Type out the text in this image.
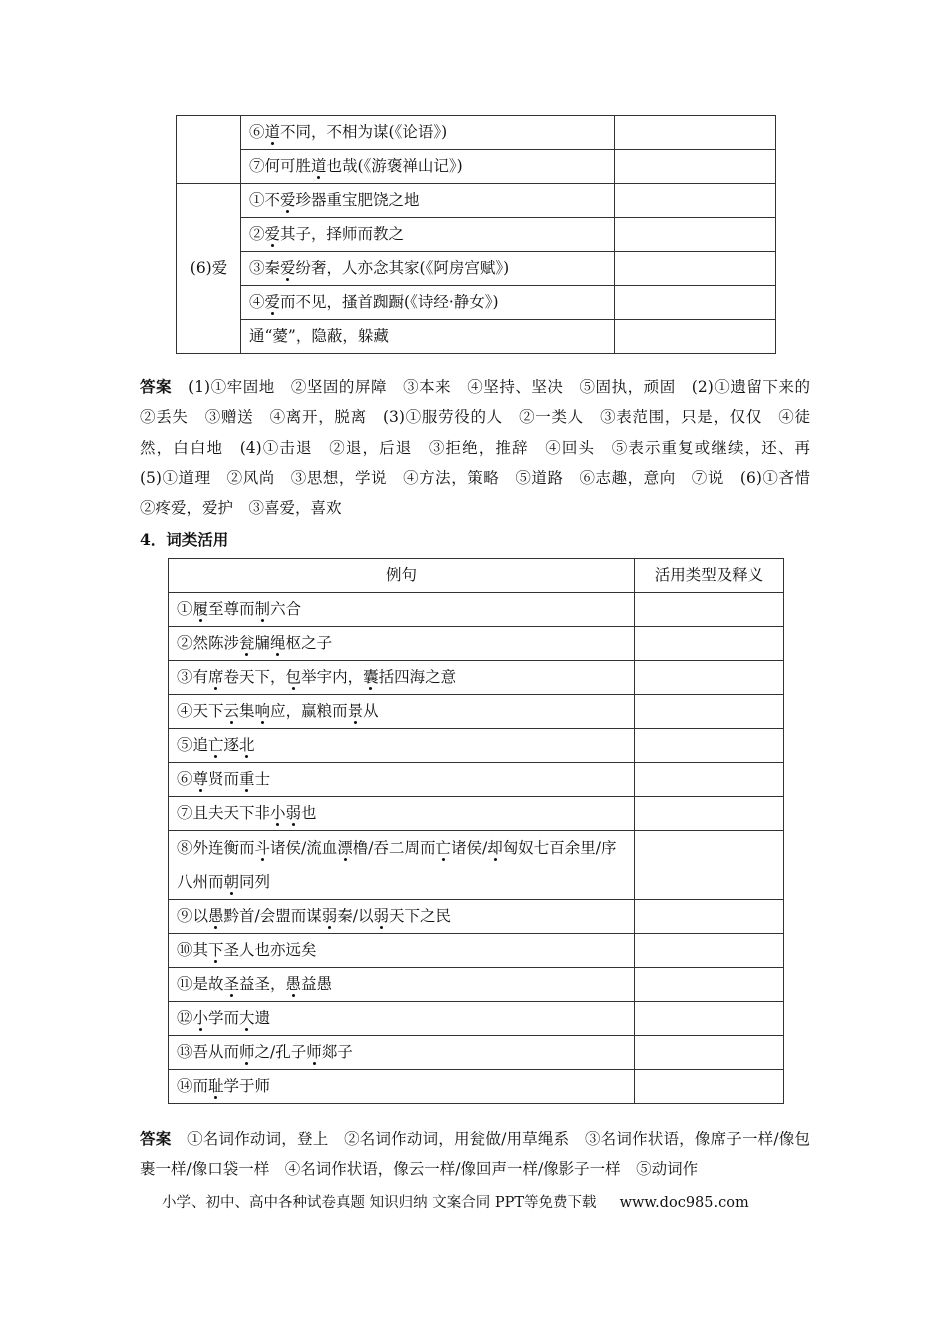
	⑥道不同，不相为谋(《论语》)	
	⑦何可胜道也哉(《游褒禅山记》)	
(6)爱	①不爱珍器重宝肥饶之地	
	②爱其子，择师而教之	
	③秦爱纷奢，人亦念其家(《阿房宫赋》)	
	④爱而不见，搔首踟蹰(《诗经·静女》)	
	通“薆”，隐蔽，躲藏	
答案　 (1)①牢固地　②坚固的屏障　③本来　④坚持、坚决　⑤固执，顽固　(2)①遗留下来的　②丢失　③赠送　④离开，脱离　(3)①服劳役的人　②一类人　③表范围，只是，仅仅　④徒然，白白地　(4)①击退　②退，后退　③拒绝，推辞　④回头　⑤表示重复或继续，还、再　(5)①道理　②风尚　③思想，学说　④方法，策略　⑤道路　⑥志趣，意向　⑦说　(6)①吝惜　②疼爱，爱护　③喜爱，喜欢
4．词类活用
例句	活用类型及释义
①履至尊而制六合	
②然陈涉瓮牖绳枢之子	
③有席卷天下，包举宇内，囊括四海之意	
④天下云集响应，赢粮而景从	
⑤追亡逐北	
⑥尊贤而重士	
⑦且夫天下非小弱也	
⑧外连衡而斗诸侯/流血漂橹/吞二周而亡诸侯/却匈奴七百余里/序八州而朝同列	
⑨以愚黔首/会盟而谋弱秦/以弱天下之民	
⑩其下圣人也亦远矣	
⑪是故圣益圣，愚益愚	
⑫小学而大遗	
⑬吾从而师之/孔子师郯子	
⑭而耻学于师	
答案　 ①名词作动词，登上　②名词作动词，用瓮做/用草绳系　③名词作状语，像席子一样/像包裹一样/像口袋一样　④名词作状语，像云一样/像回声一样/像影子一样　⑤动词作
小学、初中、高中各种试卷真题 知识归纳 文案合同 PPT等免费下载 www.doc985.com
